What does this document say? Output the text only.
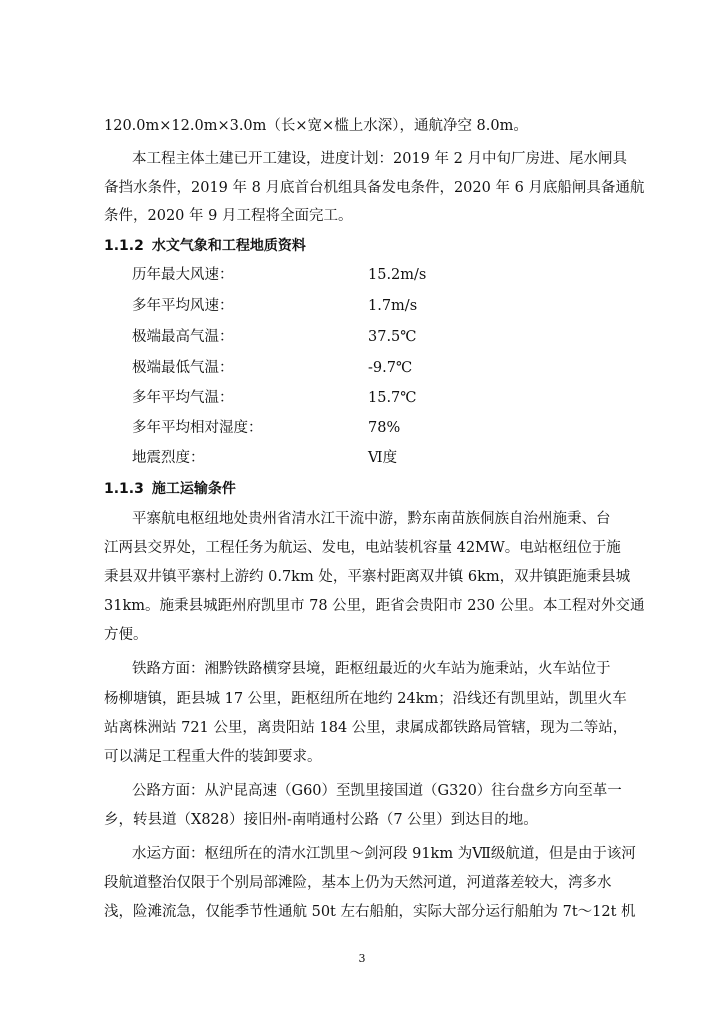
120.0m×12.0m×3.0m（长×宽×槛上水深），通航净空 8.0m。
本工程主体土建已开工建设，进度计划：2019 年 2 月中旬厂房进、尾水闸具
备挡水条件，2019 年 8 月底首台机组具备发电条件，2020 年 6 月底船闸具备通航
条件，2020 年 9 月工程将全面完工。
1.1.2 水文气象和工程地质资料
历年最大风速：	15.2m/s
多年平均风速：	1.7m/s
极端最高气温：	37.5℃
极端最低气温：	-9.7℃
多年平均气温：	15.7℃
多年平均相对湿度：	78%
地震烈度：	Ⅵ度
1.1.3 施工运输条件
平寨航电枢纽地处贵州省清水江干流中游，黔东南苗族侗族自治州施秉、台
江两县交界处，工程任务为航运、发电，电站装机容量 42MW。电站枢纽位于施
秉县双井镇平寨村上游约 0.7km 处，平寨村距离双井镇 6km，双井镇距施秉县城
31km。施秉县城距州府凯里市 78 公里，距省会贵阳市 230 公里。本工程对外交通
方便。
铁路方面：湘黔铁路横穿县境，距枢纽最近的火车站为施秉站，火车站位于
杨柳塘镇，距县城 17 公里，距枢纽所在地约 24km；沿线还有凯里站，凯里火车
站离株洲站 721 公里，离贵阳站 184 公里，隶属成都铁路局管辖，现为二等站，
可以满足工程重大件的装卸要求。
公路方面：从沪昆高速（G60）至凯里接国道（G320）往台盘乡方向至革一
乡，转县道（X828）接旧州-南哨通村公路（7 公里）到达目的地。
水运方面：枢纽所在的清水江凯里～剑河段 91km 为Ⅶ级航道，但是由于该河
段航道整治仅限于个别局部滩险，基本上仍为天然河道，河道落差较大，湾多水
浅，险滩流急，仅能季节性通航 50t 左右船舶，实际大部分运行船舶为 7t～12t 机
3
